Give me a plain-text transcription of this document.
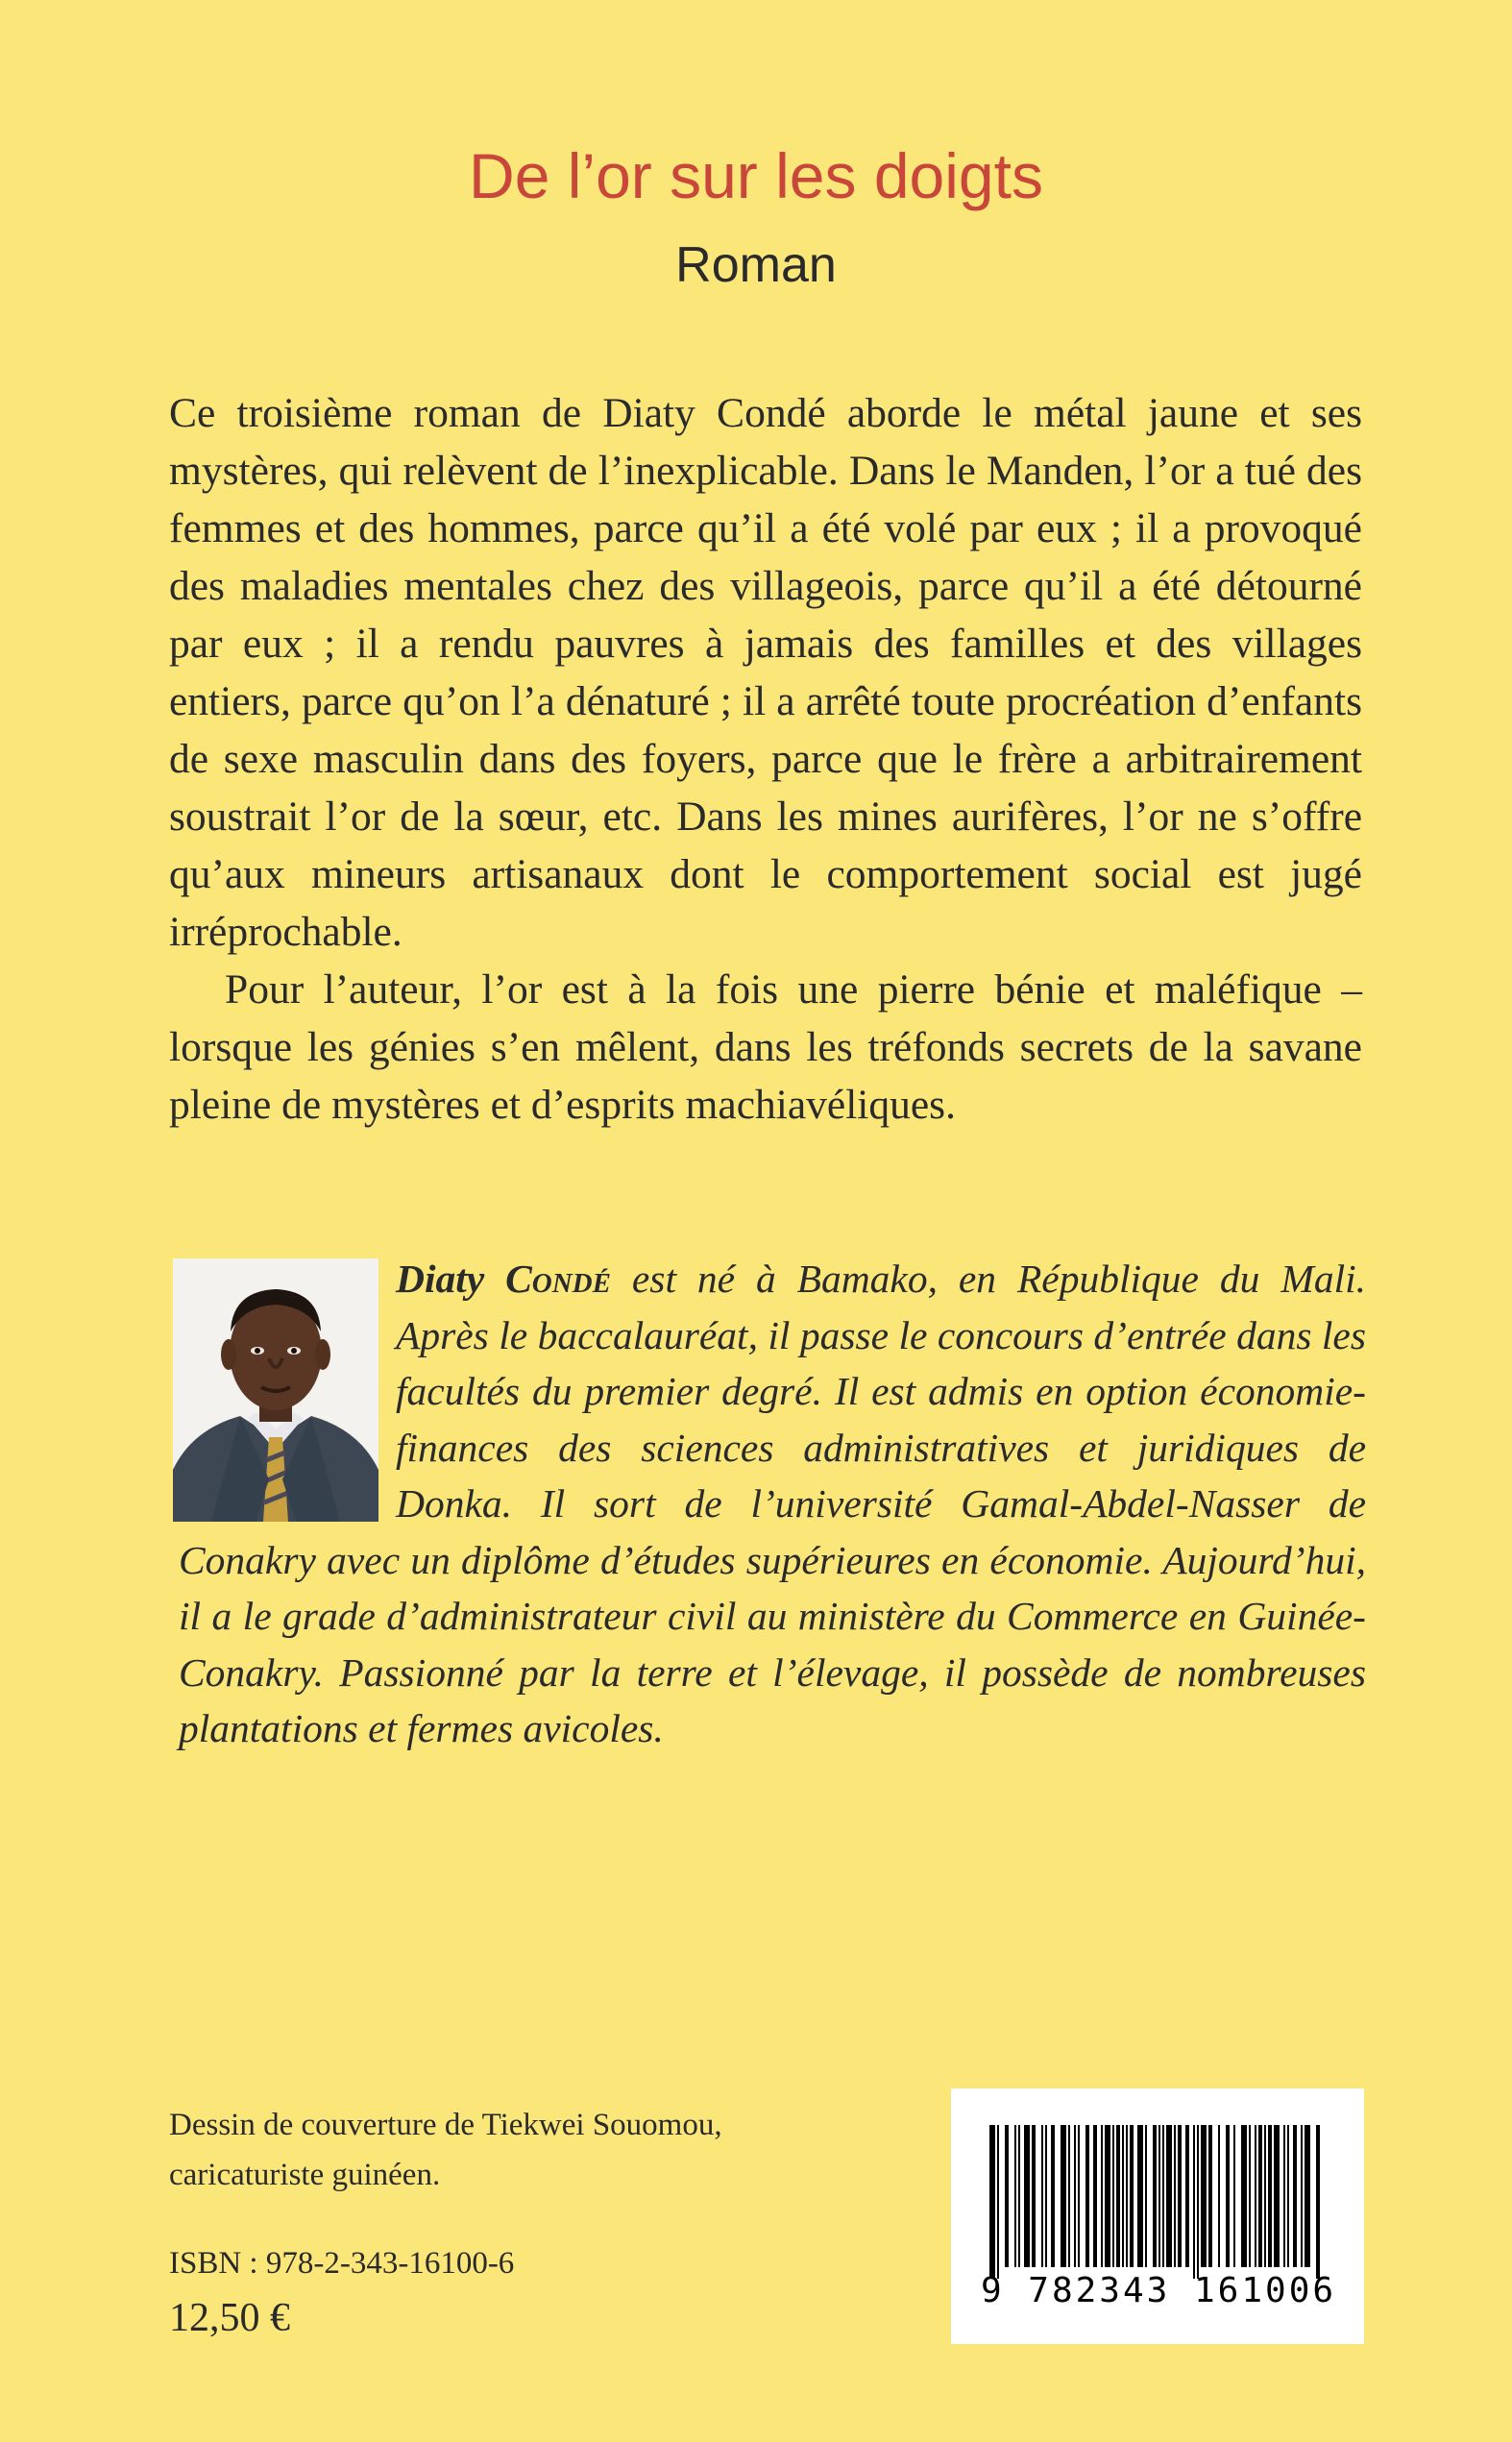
De l’or sur les doigts
Roman

Ce troisième roman de Diaty Condé aborde le métal jaune et ses mystères, qui relèvent de l’inexplicable. Dans le Manden, l’or a tué des femmes et des hommes, parce qu’il a été volé par eux ; il a provoqué des maladies mentales chez des villageois, parce qu’il a été détourné par eux ; il a rendu pauvres à jamais des familles et des villages entiers, parce qu’on l’a dénaturé ; il a arrêté toute procréation d’enfants de sexe masculin dans des foyers, parce que le frère a arbitrairement soustrait l’or de la sœur, etc. Dans les mines aurifères, l’or ne s’offre qu’aux mineurs artisanaux dont le comportement social est jugé irréprochable.

Pour l’auteur, l’or est à la fois une pierre bénie et maléfique – lorsque les génies s’en mêlent, dans les tréfonds secrets de la savane pleine de mystères et d’esprits machiavéliques.

Diaty Condé est né à Bamako, en République du Mali. Après le baccalauréat, il passe le concours d’entrée dans les facultés du premier degré. Il est admis en option économie-finances des sciences administratives et juridiques de Donka. Il sort de l’université Gamal-Abdel-Nasser de Conakry avec un diplôme d’études supérieures en économie. Aujourd’hui, il a le grade d’administrateur civil au ministère du Commerce en Guinée-Conakry. Passionné par la terre et l’élevage, il possède de nombreuses plantations et fermes avicoles.

Dessin de couverture de Tiekwei Souomou,
caricaturiste guinéen.
ISBN : 978-2-343-16100-6
12,50 €
9 782343 161006
